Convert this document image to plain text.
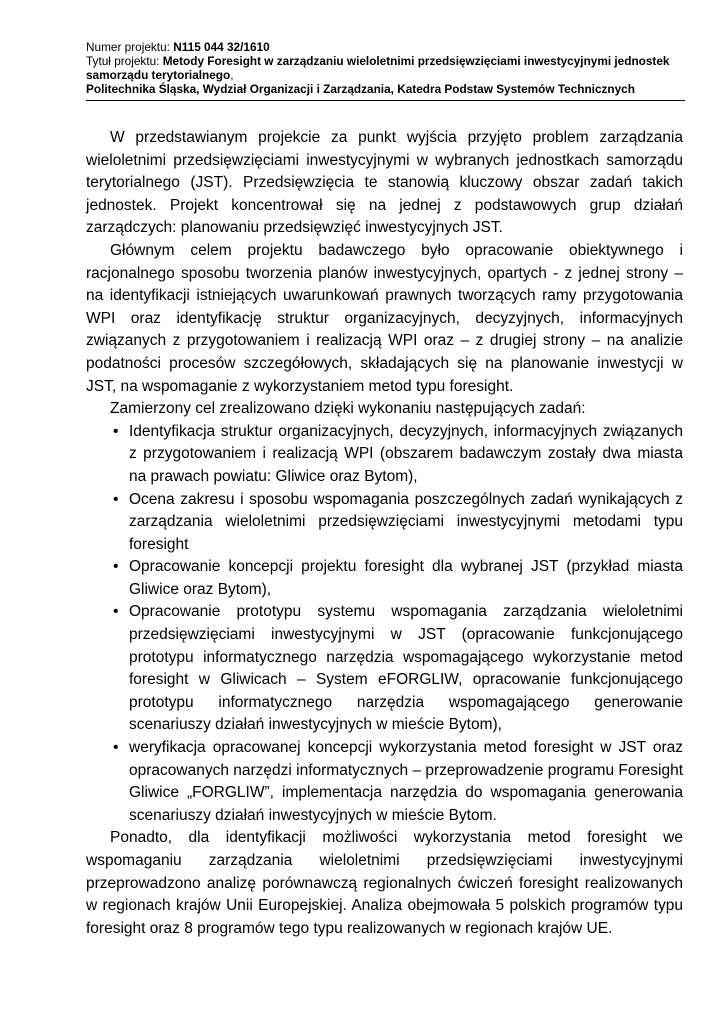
Numer projektu: N115 044 32/1610
Tytuł projektu: Metody Foresight w zarządzaniu wieloletnimi przedsięwzięciami inwestycyjnymi jednostek samorządu terytorialnego,
Politechnika Śląska, Wydział Organizacji i Zarządzania, Katedra Podstaw Systemów Technicznych

W przedstawianym projekcie za punkt wyjścia przyjęto problem zarządzania wieloletnimi przedsięwzięciami inwestycyjnymi w wybranych jednostkach samorządu terytorialnego (JST). Przedsięwzięcia te stanowią kluczowy obszar zadań takich jednostek. Projekt koncentrował się na jednej z podstawowych grup działań zarządczych: planowaniu przedsięwzięć inwestycyjnych JST.

Głównym celem projektu badawczego było opracowanie obiektywnego i racjonalnego sposobu tworzenia planów inwestycyjnych, opartych - z jednej strony – na identyfikacji istniejących uwarunkowań prawnych tworzących ramy przygotowania WPI oraz identyfikację struktur organizacyjnych, decyzyjnych, informacyjnych związanych z przygotowaniem i realizacją WPI oraz – z drugiej strony – na analizie podatności procesów szczegółowych, składających się na planowanie inwestycji w JST, na wspomaganie z wykorzystaniem metod typu foresight.

Zamierzony cel zrealizowano dzięki wykonaniu następujących zadań:

• Identyfikacja struktur organizacyjnych, decyzyjnych, informacyjnych związanych z przygotowaniem i realizacją WPI (obszarem badawczym zostały dwa miasta na prawach powiatu: Gliwice oraz Bytom),
• Ocena zakresu i sposobu wspomagania poszczególnych zadań wynikających z zarządzania wieloletnimi przedsięwzięciami inwestycyjnymi metodami typu foresight
• Opracowanie koncepcji projektu foresight dla wybranej JST (przykład miasta Gliwice oraz Bytom),
• Opracowanie prototypu systemu wspomagania zarządzania wieloletnimi przedsięwzięciami inwestycyjnymi w JST (opracowanie funkcjonującego prototypu informatycznego narzędzia wspomagającego wykorzystanie metod foresight w Gliwicach – System eFORGLIW, opracowanie funkcjonującego prototypu informatycznego narzędzia wspomagającego generowanie scenariuszy działań inwestycyjnych w mieście Bytom),
• weryfikacja opracowanej koncepcji wykorzystania metod foresight w JST oraz opracowanych narzędzi informatycznych – przeprowadzenie programu Foresight Gliwice „FORGLIW”, implementacja narzędzia do wspomagania generowania scenariuszy działań inwestycyjnych w mieście Bytom.

Ponadto, dla identyfikacji możliwości wykorzystania metod foresight we wspomaganiu zarządzania wieloletnimi przedsięwzięciami inwestycyjnymi przeprowadzono analizę porównawczą regionalnych ćwiczeń foresight realizowanych w regionach krajów Unii Europejskiej. Analiza obejmowała 5 polskich programów typu foresight oraz 8 programów tego typu realizowanych w regionach krajów UE.
